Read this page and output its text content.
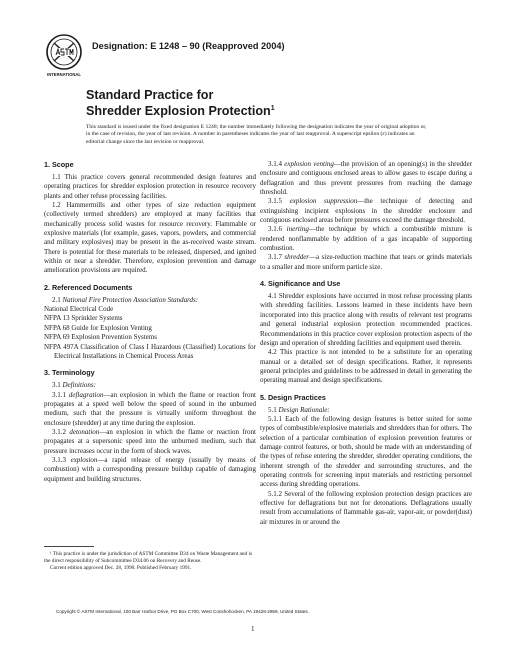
INTERNATIONAL
Designation: E 1248 – 90 (Reapproved 2004)
Standard Practice for
Shredder Explosion Protection$^1$
This standard is issued under the fixed designation E 1248; the number immediately following the designation indicates the year of original adoption or, in the case of revision, the year of last revision. A number in parentheses indicates the year of last reapproval. A superscript epsilon (ε) indicates an editorial change since the last revision or reapproval.
1. Scope

1.1 This practice covers general recommended design features and operating practices for shredder explosion protection in resource recovery plants and other refuse processing facilities.

1.2 Hammermills and other types of size reduction equipment (collectively termed shredders) are employed at many facilities that mechanically process solid wastes for resource recovery. Flammable or explosive materials (for example, gases, vapors, powders, and commercial and military explosives) may be present in the as-received waste stream. There is potential for these materials to be released, dispersed, and ignited within or near a shredder. Therefore, explosion prevention and damage amelioration provisions are required.

2. Referenced Documents

2.1 National Fire Protection Association Standards:

National Electrical Code

NFPA 13 Sprinkler Systems

NFPA 68 Guide for Explosion Venting

NFPA 69 Explosion Prevention Systems

NFPA 497A Classification of Class I Hazardous (Classified) Locations for Electrical Installations in Chemical Process Areas

3. Terminology

3.1 Definitions:

3.1.1 deflagration—an explosion in which the flame or reaction front propagates at a speed well below the speed of sound in the unburned medium, such that the pressure is virtually uniform throughout the enclosure (shredder) at any time during the explosion.

3.1.2 detonation—an explosion in which the flame or reaction front propagates at a supersonic speed into the unburned medium, such that pressure increases occur in the form of shock waves.

3.1.3 explosion—a rapid release of energy (usually by means of combustion) with a corresponding pressure buildup capable of damaging equipment and building structures.

3.1.4 explosion venting—the provision of an opening(s) in the shredder enclosure and contiguous enclosed areas to allow gases to escape during a deflagration and thus prevent pressures from reaching the damage threshold.

3.1.5 explosion suppression—the technique of detecting and extinguishing incipient explosions in the shredder enclosure and contiguous enclosed areas before pressures exceed the damage threshold.

3.1.6 inerting—the technique by which a combustible mixture is rendered nonflammable by addition of a gas incapable of supporting combustion.

3.1.7 shredder—a size-reduction machine that tears or grinds materials to a smaller and more uniform particle size.

4. Significance and Use

4.1 Shredder explosions have occurred in most refuse processing plants with shredding facilities. Lessons learned in these incidents have been incorporated into this practice along with results of relevant test programs and general industrial explosion protection recommended practices. Recommendations in this practice cover explosion protection aspects of the design and operation of shredding facilities and equipment used therein.

4.2 This practice is not intended to be a substitute for an operating manual or a detailed set of design specifications. Rather, it represents general principles and guidelines to be addressed in detail in generating the operating manual and design specifications.

5. Design Practices

5.1 Design Rationale:

5.1.1 Each of the following design features is better suited for some types of combustible/explosive materials and shredders than for others. The selection of a particular combination of explosion prevention features or damage control features, or both, should be made with an understanding of the types of refuse entering the shredder, shredder operating conditions, the inherent strength of the shredder and surrounding structures, and the operating controls for screening input materials and restricting personnel access during shredding operations.

5.1.2 Several of the following explosion protection design practices are effective for deflagrations but not for detonations. Deflagrations usually result from accumulations of flammable gas-air, vapor-air, or powder(dust) air mixtures in or around the

¹ This practice is under the jurisdiction of ASTM Committee D34 on Waste Management and is the direct responsibility of Subcommittee D34.06 on Recovery and Reuse.

Current edition approved Dec. 28, 1990. Published February 1991.

Copyright © ASTM International, 100 Barr Harbor Drive, PO Box C700, West Conshohocken, PA 19428-2959, United States.
1
